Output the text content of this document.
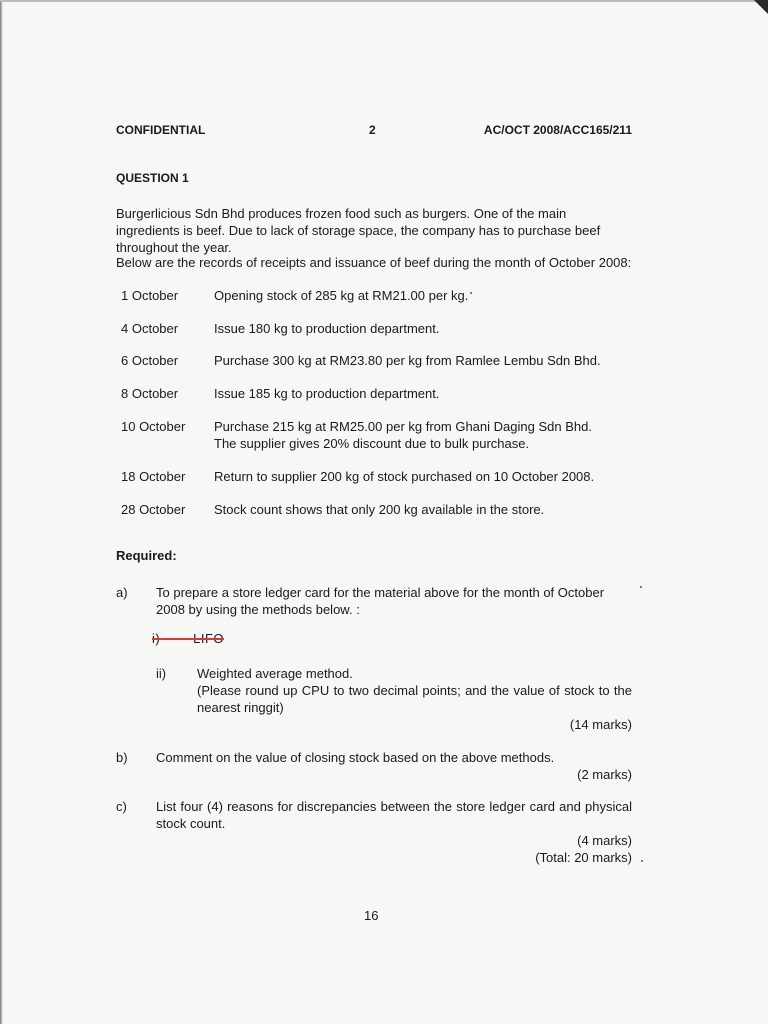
CONFIDENTIAL	2	AC/OCT 2008/ACC165/211
QUESTION 1
Burgerlicious Sdn Bhd produces frozen food such as burgers. One of the main ingredients is beef. Due to lack of storage space, the company has to purchase beef throughout the year.
Below are the records of receipts and issuance of beef during the month of October 2008:
1 October	Opening stock of 285 kg at RM21.00 per kg.
4 October	Issue 180 kg to production department.
6 October	Purchase 300 kg at RM23.80 per kg from Ramlee Lembu Sdn Bhd.
8 October	Issue 185 kg to production department.
10 October Purchase 215 kg at RM25.00 per kg from Ghani Daging Sdn Bhd.
The supplier gives 20% discount due to bulk purchase.
18 October Return to supplier 200 kg of stock purchased on 10 October 2008.
28 October Stock count shows that only 200 kg available in the store.
Required:
a) To prepare a store ledger card for the material above for the month of October 2008 by using the methods below. :
i)	LIFO
ii) Weighted average method.
(Please round up CPU to two decimal points; and the value of stock to the nearest ringgit)
(14 marks)
b) Comment on the value of closing stock based on the above methods.
(2 marks)
c) List four (4) reasons for discrepancies between the store ledger card and physical stock count.
(4 marks)
(Total: 20 marks)
16
